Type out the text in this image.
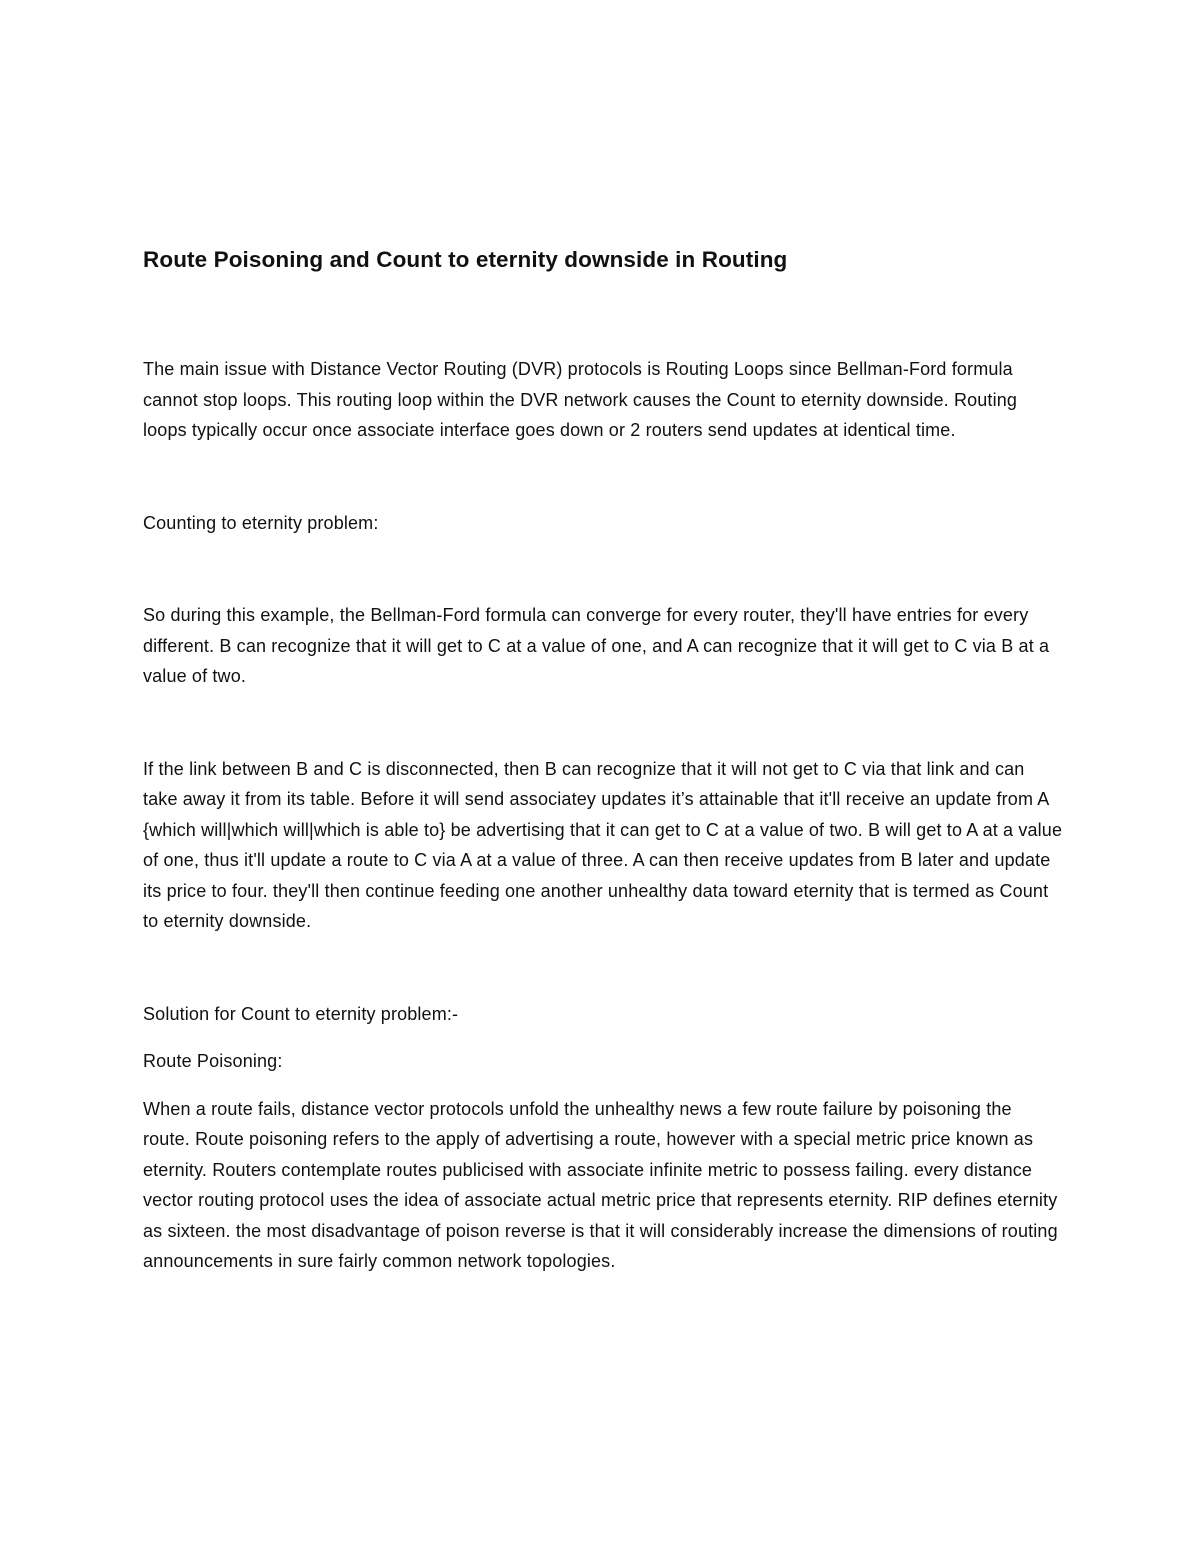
Route Poisoning and Count to eternity downside in Routing

The main issue with Distance Vector Routing (DVR) protocols is Routing Loops since Bellman-Ford formula cannot stop loops. This routing loop within the DVR network causes the Count to eternity downside. Routing loops typically occur once associate interface goes down or 2 routers send updates at identical time.

Counting to eternity problem:

So during this example, the Bellman-Ford formula can converge for every router, they'll have entries for every different. B can recognize that it will get to C at a value of one, and A can recognize that it will get to C via B at a value of two.

If the link between B and C is disconnected, then B can recognize that it will not get to C via that link and can take away it from its table. Before it will send associatey updates it’s attainable that it'll receive an update from A {which will|which will|which is able to} be advertising that it can get to C at a value of two. B will get to A at a value of one, thus it'll update a route to C via A at a value of three. A can then receive updates from B later and update its price to four. they'll then continue feeding one another unhealthy data toward eternity that is termed as Count to eternity downside.

Solution for Count to eternity problem:-

Route Poisoning:

When a route fails, distance vector protocols unfold the unhealthy news a few route failure by poisoning the route. Route poisoning refers to the apply of advertising a route, however with a special metric price known as eternity. Routers contemplate routes publicised with associate infinite metric to possess failing. every distance vector routing protocol uses the idea of associate actual metric price that represents eternity. RIP defines eternity as sixteen. the most disadvantage of poison reverse is that it will considerably increase the dimensions of routing announcements in sure fairly common network topologies.
